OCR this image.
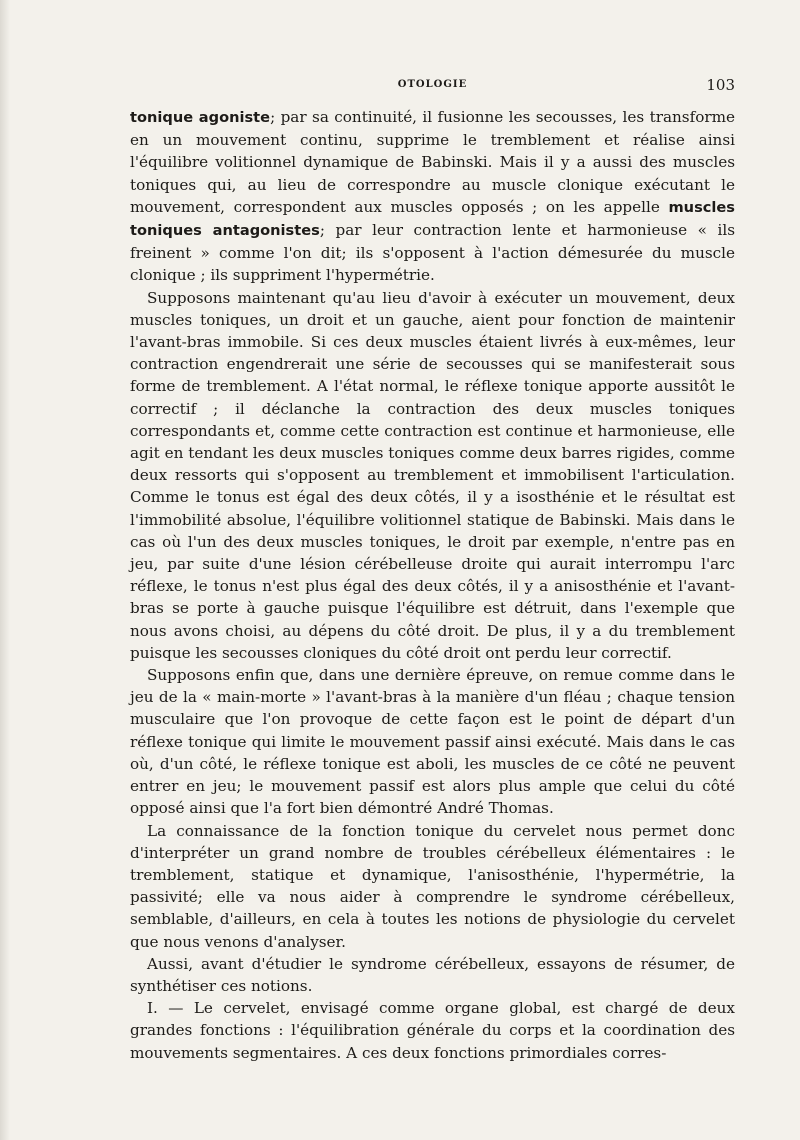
OTOLOGIE	103

tonique agoniste; par sa continuité, il fusionne les secousses, les transforme en un mouvement continu, supprime le tremblement et réalise ainsi l'équilibre volitionnel dynamique de Babinski. Mais il y a aussi des muscles toniques qui, au lieu de correspondre au muscle clonique exécutant le mouvement, correspondent aux muscles opposés ; on les appelle muscles toniques antagonistes; par leur contraction lente et harmonieuse « ils freinent » comme l'on dit; ils s'opposent à l'action démesurée du muscle clonique ; ils suppriment l'hypermétrie.

Supposons maintenant qu'au lieu d'avoir à exécuter un mouvement, deux muscles toniques, un droit et un gauche, aient pour fonction de maintenir l'avant-bras immobile. Si ces deux muscles étaient livrés à eux-mêmes, leur contraction engendrerait une série de secousses qui se manifesterait sous forme de tremblement. A l'état normal, le réflexe tonique apporte aussitôt le correctif ; il déclanche la contraction des deux muscles toniques correspondants et, comme cette contraction est continue et harmonieuse, elle agit en tendant les deux muscles toniques comme deux barres rigides, comme deux ressorts qui s'opposent au tremblement et immobilisent l'articulation. Comme le tonus est égal des deux côtés, il y a isosthénie et le résultat est l'immobilité absolue, l'équilibre volitionnel statique de Babinski. Mais dans le cas où l'un des deux muscles toniques, le droit par exemple, n'entre pas en jeu, par suite d'une lésion cérébelleuse droite qui aurait interrompu l'arc réflexe, le tonus n'est plus égal des deux côtés, il y a anisosthénie et l'avant-bras se porte à gauche puisque l'équilibre est détruit, dans l'exemple que nous avons choisi, au dépens du côté droit. De plus, il y a du tremblement puisque les secousses cloniques du côté droit ont perdu leur correctif.

Supposons enfin que, dans une dernière épreuve, on remue comme dans le jeu de la « main-morte » l'avant-bras à la manière d'un fléau ; chaque tension musculaire que l'on provoque de cette façon est le point de départ d'un réflexe tonique qui limite le mouvement passif ainsi exécuté. Mais dans le cas où, d'un côté, le réflexe tonique est aboli, les muscles de ce côté ne peuvent entrer en jeu; le mouvement passif est alors plus ample que celui du côté opposé ainsi que l'a fort bien démontré André Thomas.

La connaissance de la fonction tonique du cervelet nous permet donc d'interpréter un grand nombre de troubles cérébelleux élémentaires : le tremblement, statique et dynamique, l'anisosthénie, l'hypermétrie, la passivité; elle va nous aider à comprendre le syndrome cérébelleux, semblable, d'ailleurs, en cela à toutes les notions de physiologie du cervelet que nous venons d'analyser.

Aussi, avant d'étudier le syndrome cérébelleux, essayons de résumer, de synthétiser ces notions.

I. — Le cervelet, envisagé comme organe global, est chargé de deux grandes fonctions : l'équilibration générale du corps et la coordination des mouvements segmentaires. A ces deux fonctions primordiales corres-
